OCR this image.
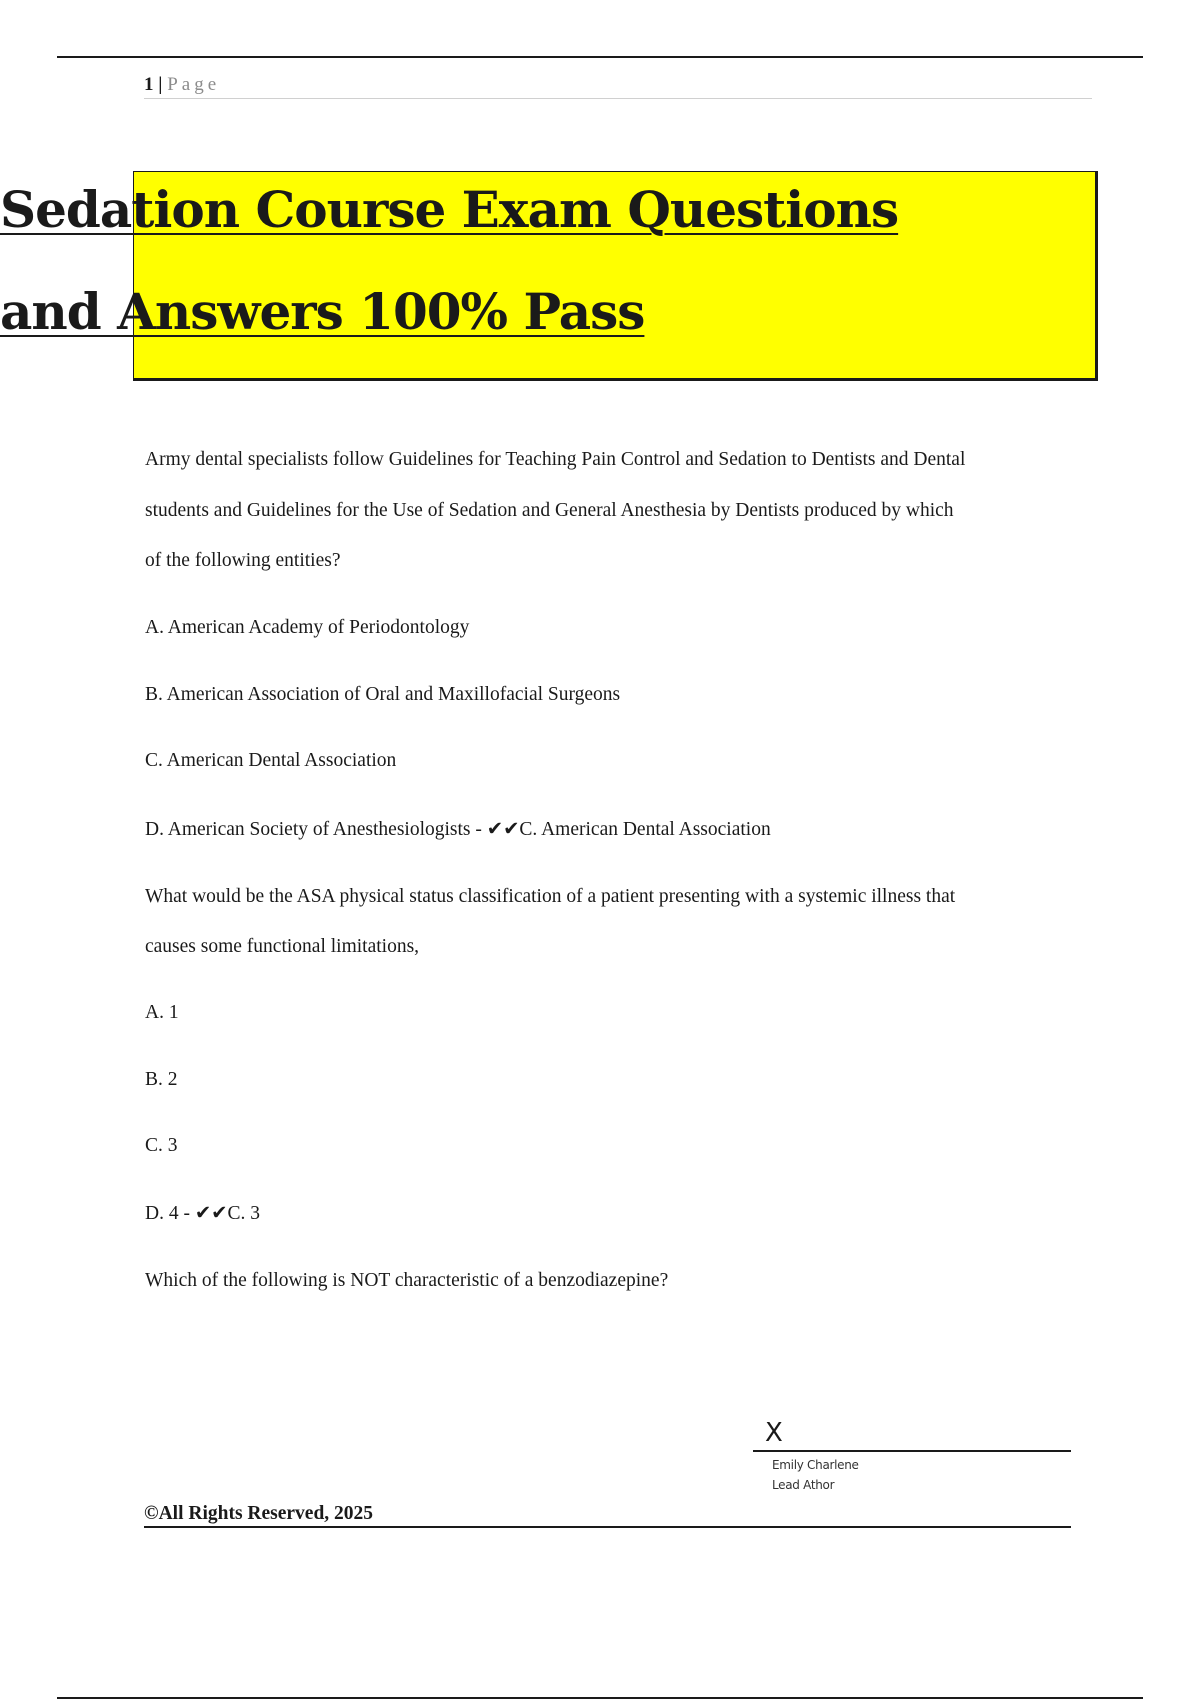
1 | Page
Sedation Course Exam Questions
and Answers 100% Pass
Army dental specialists follow Guidelines for Teaching Pain Control and Sedation to Dentists and Dental
students and Guidelines for the Use of Sedation and General Anesthesia by Dentists produced by which
of the following entities?
A. American Academy of Periodontology
B. American Association of Oral and Maxillofacial Surgeons
C. American Dental Association
D. American Society of Anesthesiologists - ✔✔C. American Dental Association
What would be the ASA physical status classification of a patient presenting with a systemic illness that
causes some functional limitations,
A. 1
B. 2
C. 3
D. 4 - ✔✔C. 3
Which of the following is NOT characteristic of a benzodiazepine?
X
Emily Charlene
Lead Athor
©All Rights Reserved, 2025
